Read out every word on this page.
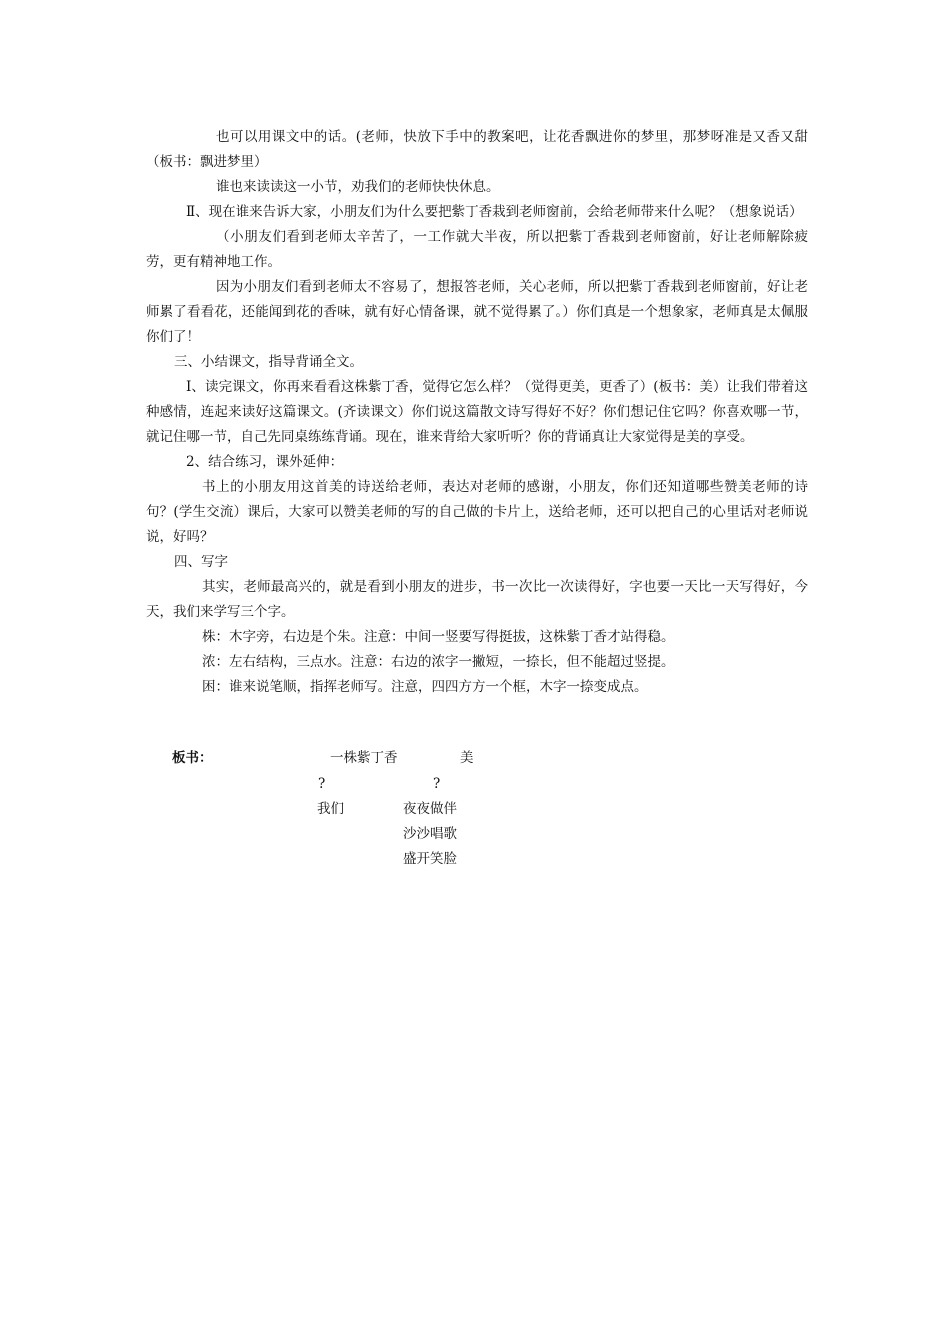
也可以用课文中的话。(老师，快放下手中的教案吧，让花香飘进你的梦里，那梦呀准是又香又甜（板书：飘进梦里）

谁也来读读这一小节，劝我们的老师快快休息。

Ⅱ、现在谁来告诉大家，小朋友们为什么要把紫丁香栽到老师窗前，会给老师带来什么呢？（想象说话）

（小朋友们看到老师太辛苦了，一工作就大半夜，所以把紫丁香栽到老师窗前，好让老师解除疲劳，更有精神地工作。

因为小朋友们看到老师太不容易了，想报答老师，关心老师，所以把紫丁香栽到老师窗前，好让老师累了看看花，还能闻到花的香味，就有好心情备课，就不觉得累了。）你们真是一个想象家，老师真是太佩服你们了！

三、小结课文，指导背诵全文。

Ⅰ、读完课文，你再来看看这株紫丁香，觉得它怎么样？（觉得更美，更香了）(板书：美）让我们带着这种感情，连起来读好这篇课文。(齐读课文）你们说这篇散文诗写得好不好？你们想记住它吗？你喜欢哪一节，就记住哪一节，自己先同桌练练背诵。现在，谁来背给大家听听？你的背诵真让大家觉得是美的享受。

2、结合练习，课外延伸：

书上的小朋友用这首美的诗送给老师，表达对老师的感谢，小朋友，你们还知道哪些赞美老师的诗句？(学生交流）课后，大家可以赞美老师的写的自己做的卡片上，送给老师，还可以把自己的心里话对老师说说，好吗？

四、写字

其实，老师最高兴的，就是看到小朋友的进步，书一次比一次读得好，字也要一天比一天写得好，今天，我们来学写三个字。

株：木字旁，右边是个朱。注意：中间一竖要写得挺拔，这株紫丁香才站得稳。

浓：左右结构，三点水。注意：右边的浓字一撇短，一捺长，但不能超过竖提。

困：谁来说笔顺，指挥老师写。注意，四四方方一个框，木字一捺变成点。

板书：	一株紫丁香	美
?	?
我们	夜夜做伴
沙沙唱歌
盛开笑脸
